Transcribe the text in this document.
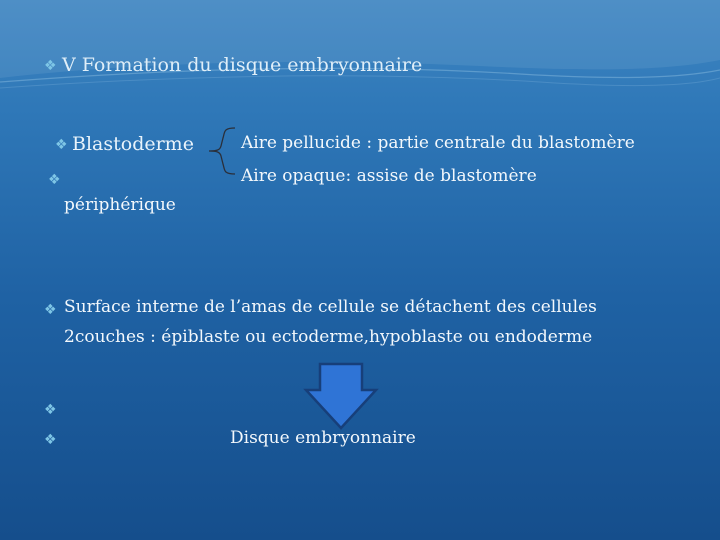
❖ V Formation du disque embryonnaire
❖ Blastoderme
❖
périphérique
Aire pellucide : partie centrale du blastomère
Aire opaque: assise de blastomère
❖ Surface interne de l’amas de cellule se détachent des cellules
2couches : épiblaste ou ectoderme,hypoblaste ou endoderme
❖
❖	Disque embryonnaire
